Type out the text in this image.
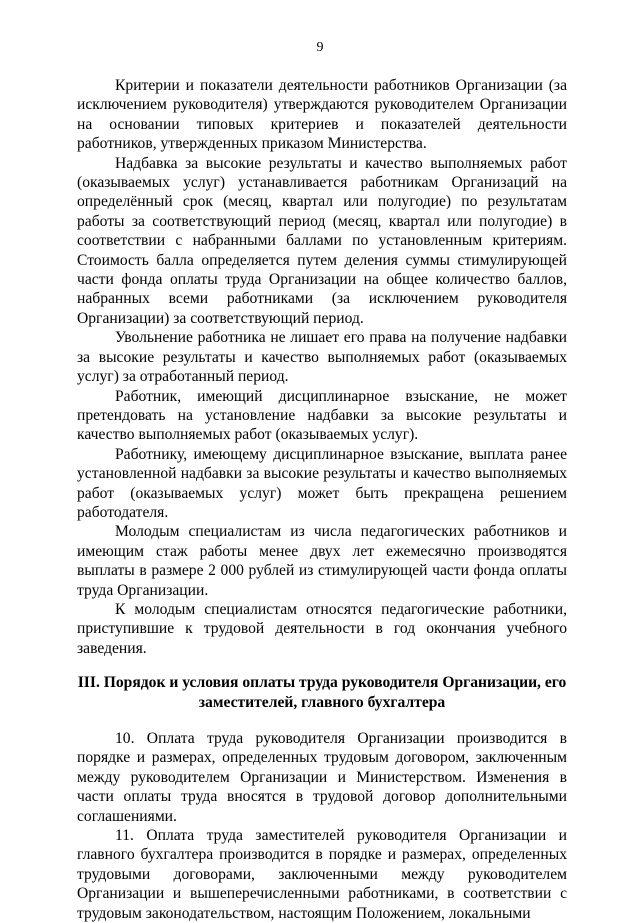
9

Критерии и показатели деятельности работников Организации (за исключением руководителя) утверждаются руководителем Организации на основании типовых критериев и показателей деятельности работников, утвержденных приказом Министерства.

Надбавка за высокие результаты и качество выполняемых работ (оказываемых услуг) устанавливается работникам Организаций на определённый срок (месяц, квартал или полугодие) по результатам работы за соответствующий период (месяц, квартал или полугодие) в соответствии с набранными баллами по установленным критериям. Стоимость балла определяется путем деления суммы стимулирующей части фонда оплаты труда Организации на общее количество баллов, набранных всеми работниками (за исключением руководителя Организации) за соответствующий период.

Увольнение работника не лишает его права на получение надбавки за высокие результаты и качество выполняемых работ (оказываемых услуг) за отработанный период.

Работник, имеющий дисциплинарное взыскание, не может претендовать на установление надбавки за высокие результаты и качество выполняемых работ (оказываемых услуг).

Работнику, имеющему дисциплинарное взыскание, выплата ранее установленной надбавки за высокие результаты и качество выполняемых работ (оказываемых услуг) может быть прекращена решением работодателя.

Молодым специалистам из числа педагогических работников и имеющим стаж работы менее двух лет ежемесячно производятся выплаты в размере 2 000 рублей из стимулирующей части фонда оплаты труда Организации.

К молодым специалистам относятся педагогические работники, приступившие к трудовой деятельности в год окончания учебного заведения.

III. Порядок и условия оплаты труда руководителя Организации, его заместителей, главного бухгалтера

10. Оплата труда руководителя Организации производится в порядке и размерах, определенных трудовым договором, заключенным между руководителем Организации и Министерством. Изменения в части оплаты труда вносятся в трудовой договор дополнительными соглашениями.

11. Оплата труда заместителей руководителя Организации и главного бухгалтера производится в порядке и размерах, определенных трудовыми договорами, заключенными между руководителем Организации и вышеперечисленными работниками, в соответствии с трудовым законодательством, настоящим Положением, локальными
